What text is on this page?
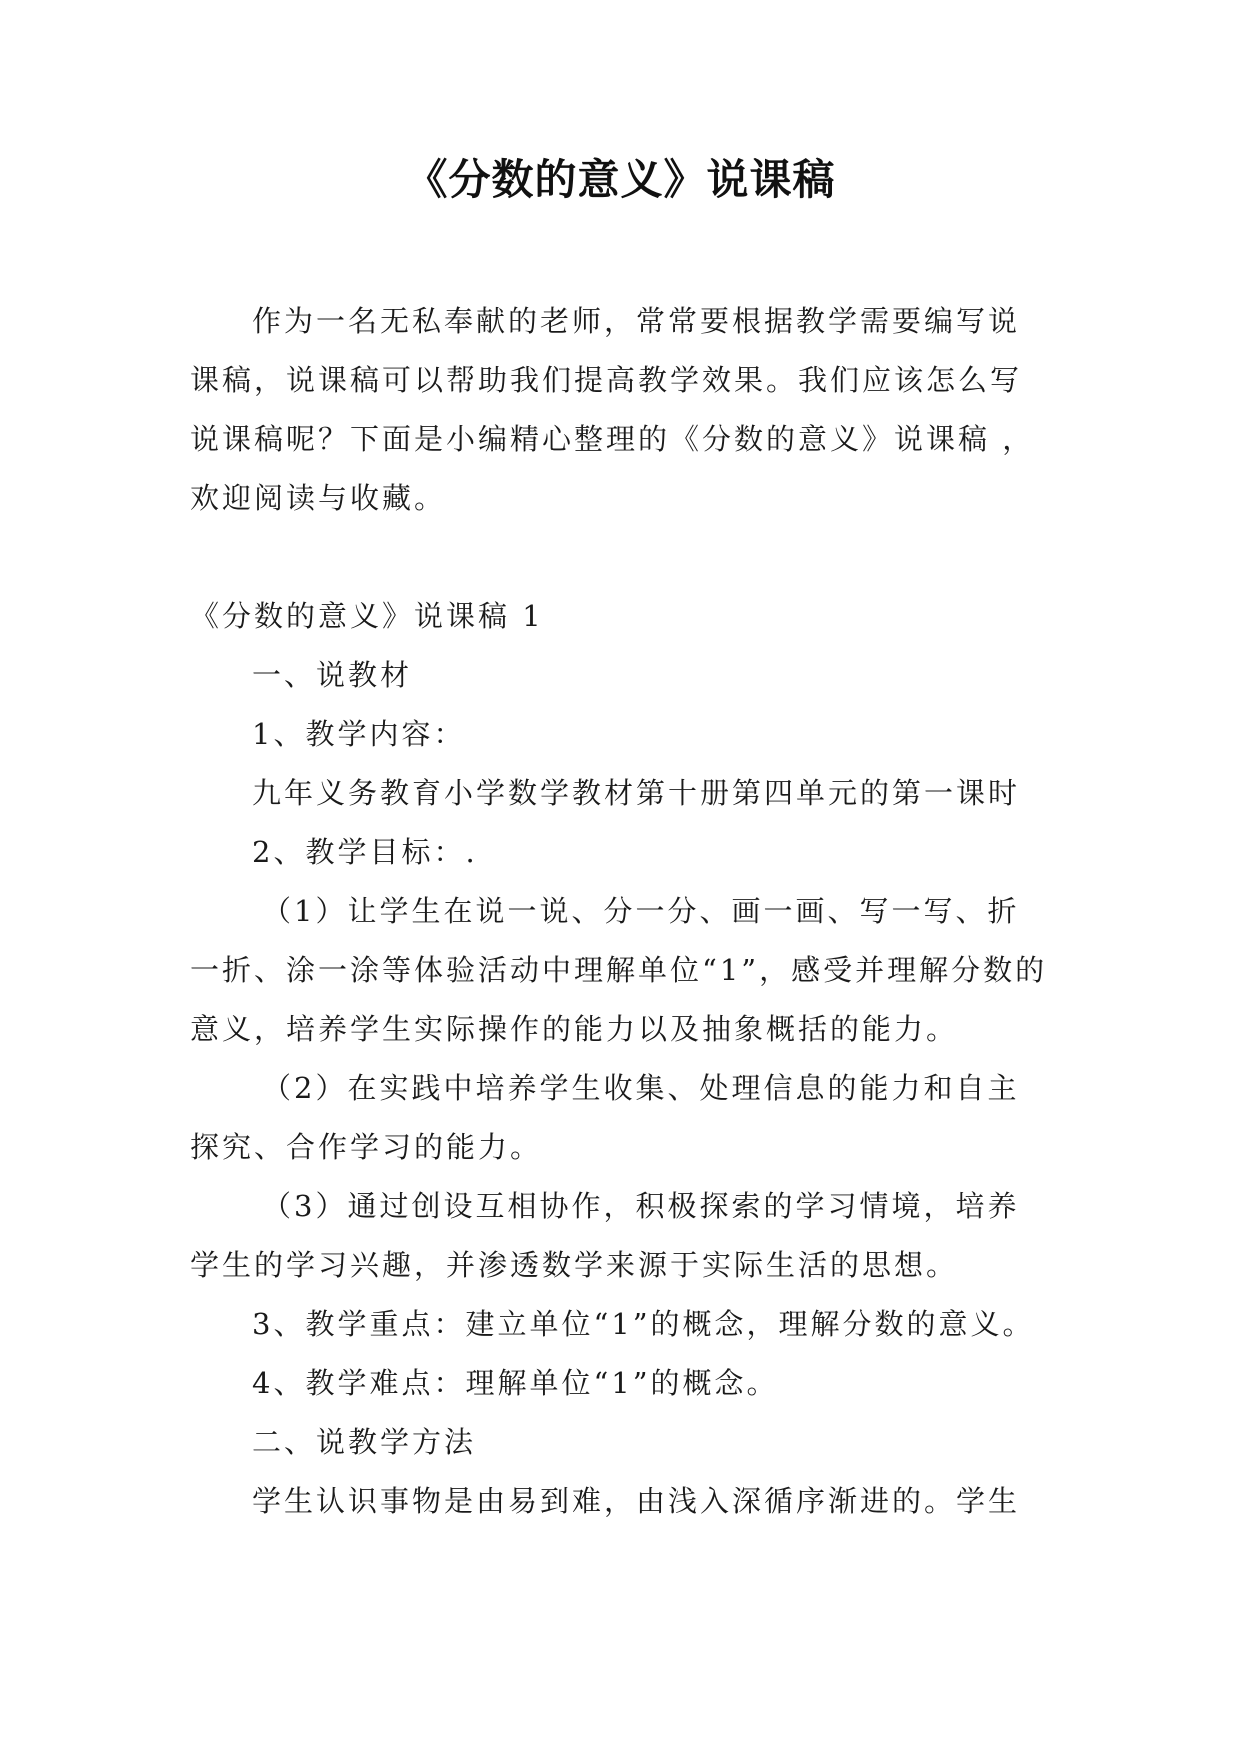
《分数的意义》说课稿

作为一名无私奉献的老师，常常要根据教学需要编写说课稿，说课稿可以帮助我们提高教学效果。我们应该怎么写说课稿呢？下面是小编精心整理的《分数的意义》说课稿 ，欢迎阅读与收藏。

《分数的意义》说课稿 1

一、说教材

1、教学内容：

九年义务教育小学数学教材第十册第四单元的第一课时

2、教学目标：.

（1）让学生在说一说、分一分、画一画、写一写、折一折、涂一涂等体验活动中理解单位“1”，感受并理解分数的意义，培养学生实际操作的能力以及抽象概括的能力。

（2）在实践中培养学生收集、处理信息的能力和自主探究、合作学习的能力。

（3）通过创设互相协作，积极探索的学习情境，培养学生的学习兴趣，并渗透数学来源于实际生活的思想。

3、教学重点：建立单位“1”的概念，理解分数的意义。

4、教学难点：理解单位“1”的概念。

二、说教学方法

学生认识事物是由易到难，由浅入深循序渐进的。学生
